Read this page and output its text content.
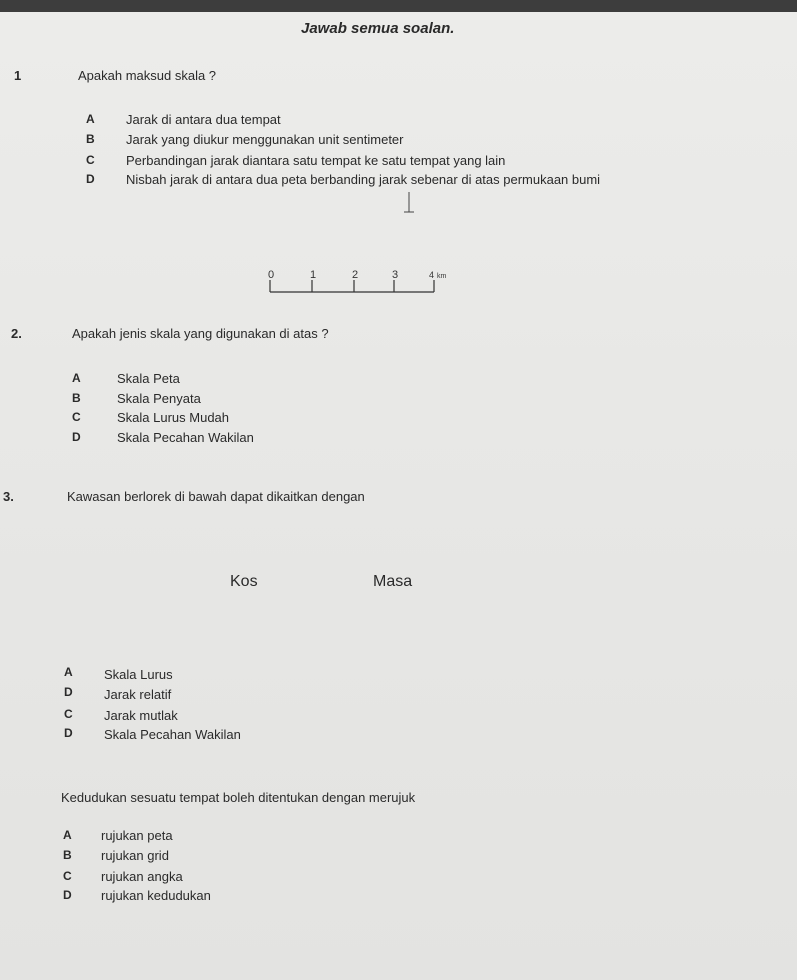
Jawab semua soalan.
1	Apakah maksud skala ?
A Jarak di antara dua tempat
B Jarak yang diukur menggunakan unit sentimeter
C Perbandingan jarak diantara satu tempat ke satu tempat yang lain
D Nisbah jarak di antara dua peta berbanding jarak sebenar di atas permukaan bumi
0	1	2	3	4 km
2.	Apakah jenis skala yang digunakan di atas ?
A	Skala Peta
B	Skala Penyata
C	Skala Lurus Mudah
D	Skala Pecahan Wakilan
3.	Kawasan berlorek di bawah dapat dikaitkan dengan
Kos	Masa
A Skala Lurus
D Jarak relatif
C Jarak mutlak
D Skala Pecahan Wakilan
Kedudukan sesuatu tempat boleh ditentukan dengan merujuk
A rujukan peta
B rujukan grid
C rujukan angka
D rujukan kedudukan
